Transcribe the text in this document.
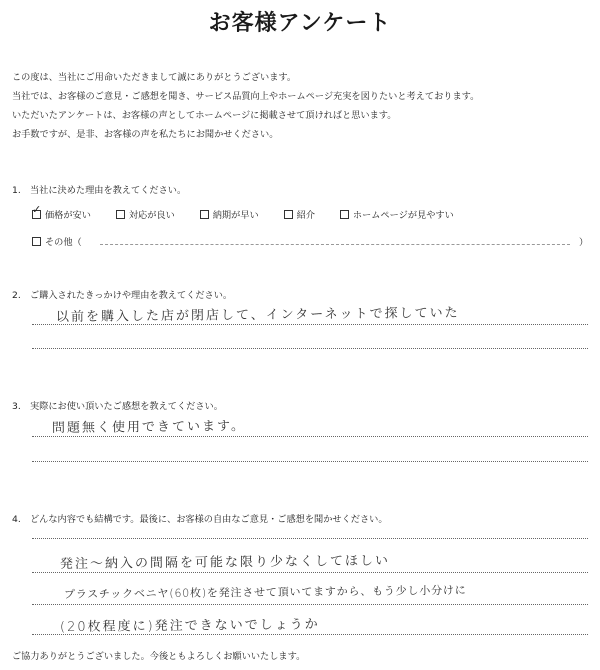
お客様アンケート
この度は、当社にご用命いただきまして誠にありがとうございます。
当社では、お客様のご意見・ご感想を聞き、サービス品質向上やホームページ充実を図りたいと考えております。
いただいたアンケートは、お客様の声としてホームページに掲載させて頂ければと思います。
お手数ですが、是非、お客様の声を私たちにお聞かせください。
1.　当社に決めた理由を教えてください。
✓ 価格が安い	対応が良い	納期が早い	紹介	ホームページが見やすい
その他（	）
2.　ご購入されたきっかけや理由を教えてください。
以前を購入した店が閉店して、インターネットで探していた
3.　実際にお使い頂いたご感想を教えてください。
問題無く使用できています。
4.　どんな内容でも結構です。最後に、お客様の自由なご意見・ご感想を聞かせください。
発注〜納入の間隔を可能な限り少なくしてほしい
プラスチックベニヤ(60枚)を発注させて頂いてますから、もう少し小分けに
(20枚程度に)発注できないでしょうか
ご協力ありがとうございました。今後ともよろしくお願いいたします。
